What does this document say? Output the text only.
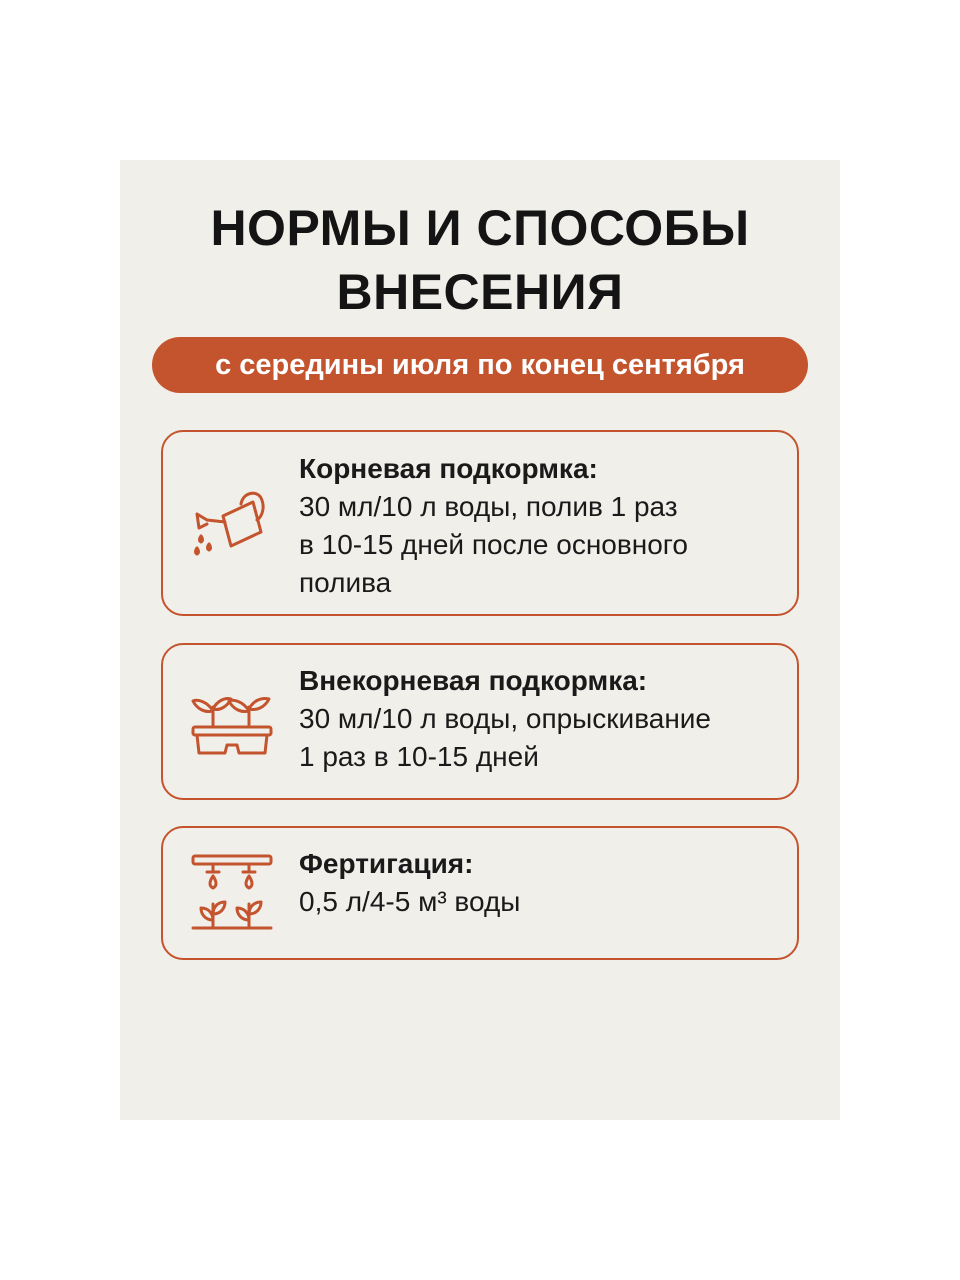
НОРМЫ И СПОСОБЫ
ВНЕСЕНИЯ
с середины июля по конец сентября
Корневая подкормка:
30 мл/10 л воды, полив 1 раз
в 10-15 дней после основного
полива
Внекорневая подкормка:
30 мл/10 л воды, опрыскивание
1 раз в 10-15 дней
Фертигация:
0,5 л/4-5 м³ воды
